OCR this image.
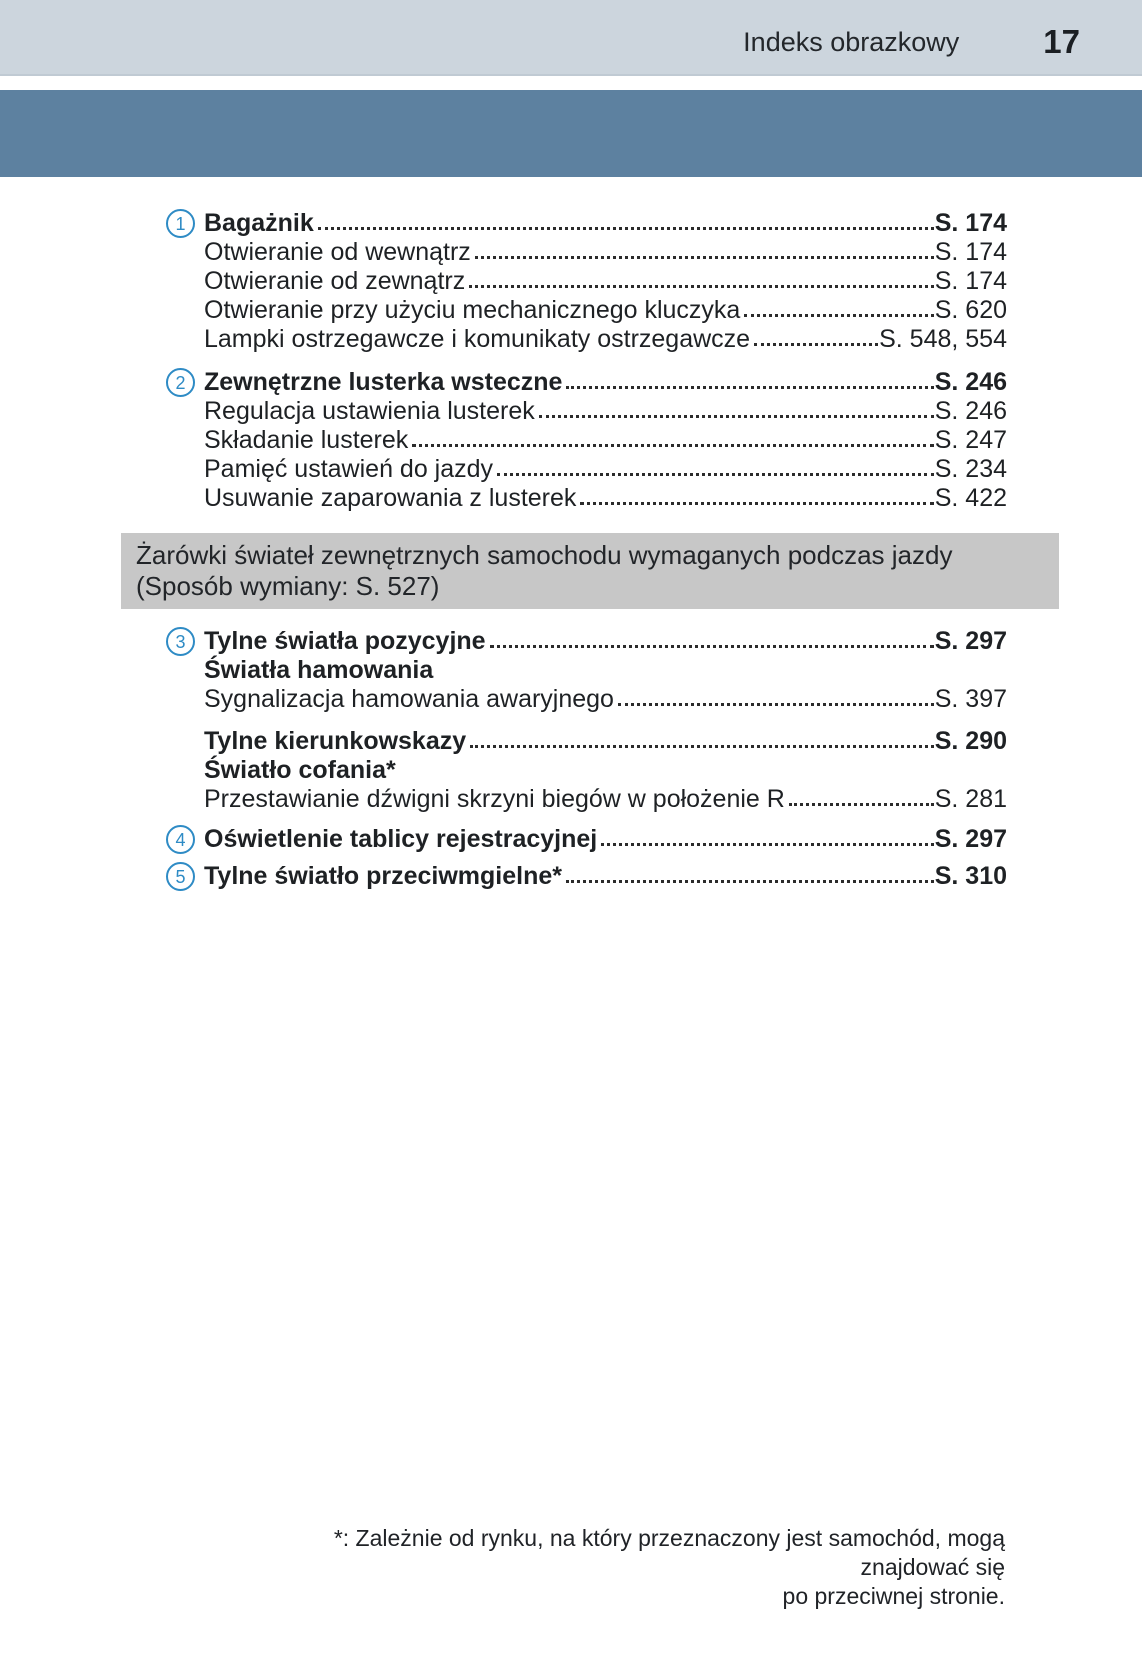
Indeks obrazkowy	17
1 Bagażnik	S. 174
Otwieranie od wewnątrz	S. 174
Otwieranie od zewnątrz	S. 174
Otwieranie przy użyciu mechanicznego kluczyka	S. 620
Lampki ostrzegawcze i komunikaty ostrzegawcze	S. 548, 554
2 Zewnętrzne lusterka wsteczne	S. 246
Regulacja ustawienia lusterek	S. 246
Składanie lusterek	S. 247
Pamięć ustawień do jazdy	S. 234
Usuwanie zaparowania z lusterek	S. 422
Żarówki świateł zewnętrznych samochodu wymaganych podczas jazdy
(Sposób wymiany: S. 527)
3 Tylne światła pozycyjne	S. 297
Światła hamowania
Sygnalizacja hamowania awaryjnego	S. 397
Tylne kierunkowskazy	S. 290
Światło cofania*
Przestawianie dźwigni skrzyni biegów w położenie R	S. 281
4 Oświetlenie tablicy rejestracyjnej	S. 297
5 Tylne światło przeciwmgielne*	S. 310
*: Zależnie od rynku, na który przeznaczony jest samochód, mogą znajdować się
po przeciwnej stronie.
